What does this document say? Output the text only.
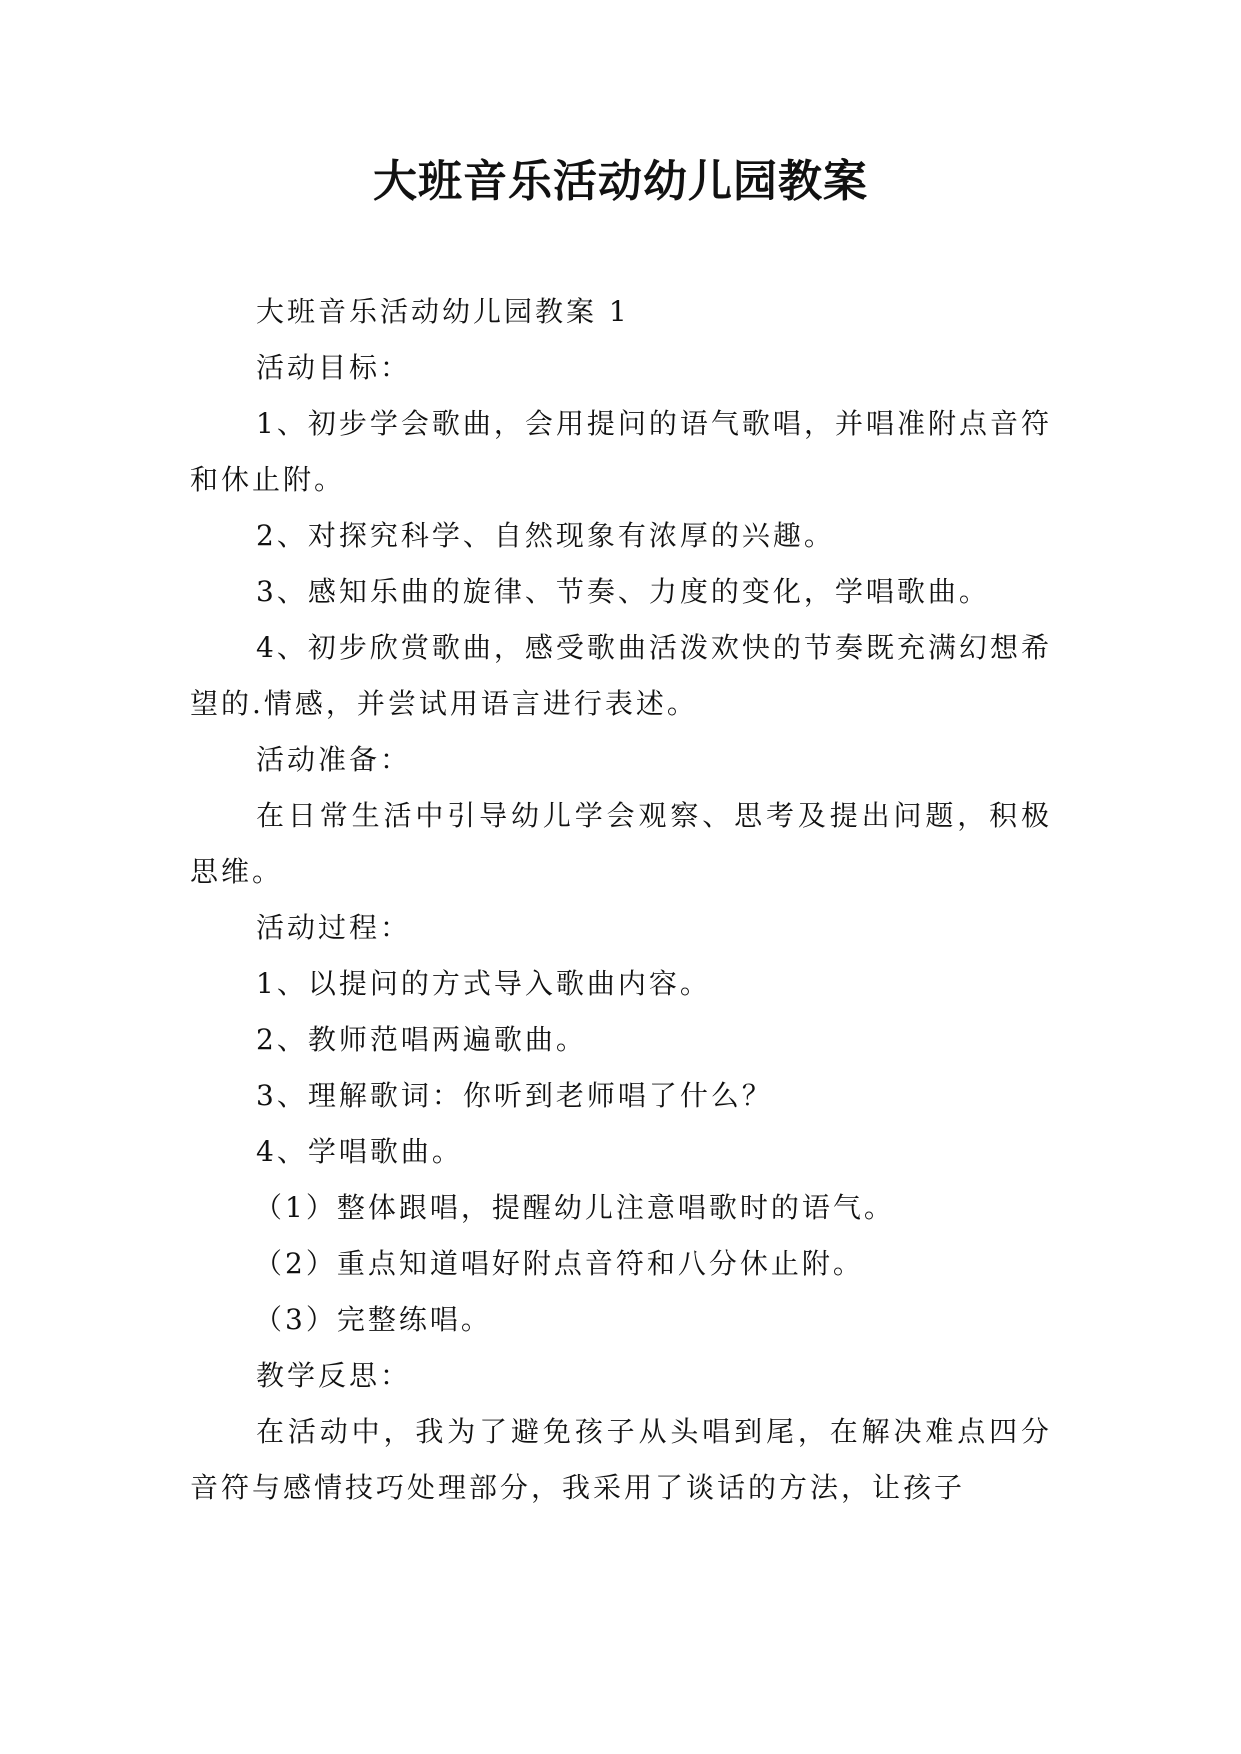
大班音乐活动幼儿园教案

大班音乐活动幼儿园教案 1

活动目标：

1、初步学会歌曲，会用提问的语气歌唱，并唱准附点音符和休止附。

2、对探究科学、自然现象有浓厚的兴趣。

3、感知乐曲的旋律、节奏、力度的变化，学唱歌曲。

4、初步欣赏歌曲，感受歌曲活泼欢快的节奏既充满幻想希望的.情感，并尝试用语言进行表述。

活动准备：

在日常生活中引导幼儿学会观察、思考及提出问题，积极思维。

活动过程：

1、以提问的方式导入歌曲内容。

2、教师范唱两遍歌曲。

3、理解歌词：你听到老师唱了什么？

4、学唱歌曲。

（1）整体跟唱，提醒幼儿注意唱歌时的语气。

（2）重点知道唱好附点音符和八分休止附。

（3）完整练唱。

教学反思：

在活动中，我为了避免孩子从头唱到尾，在解决难点四分音符与感情技巧处理部分，我采用了谈话的方法，让孩子
